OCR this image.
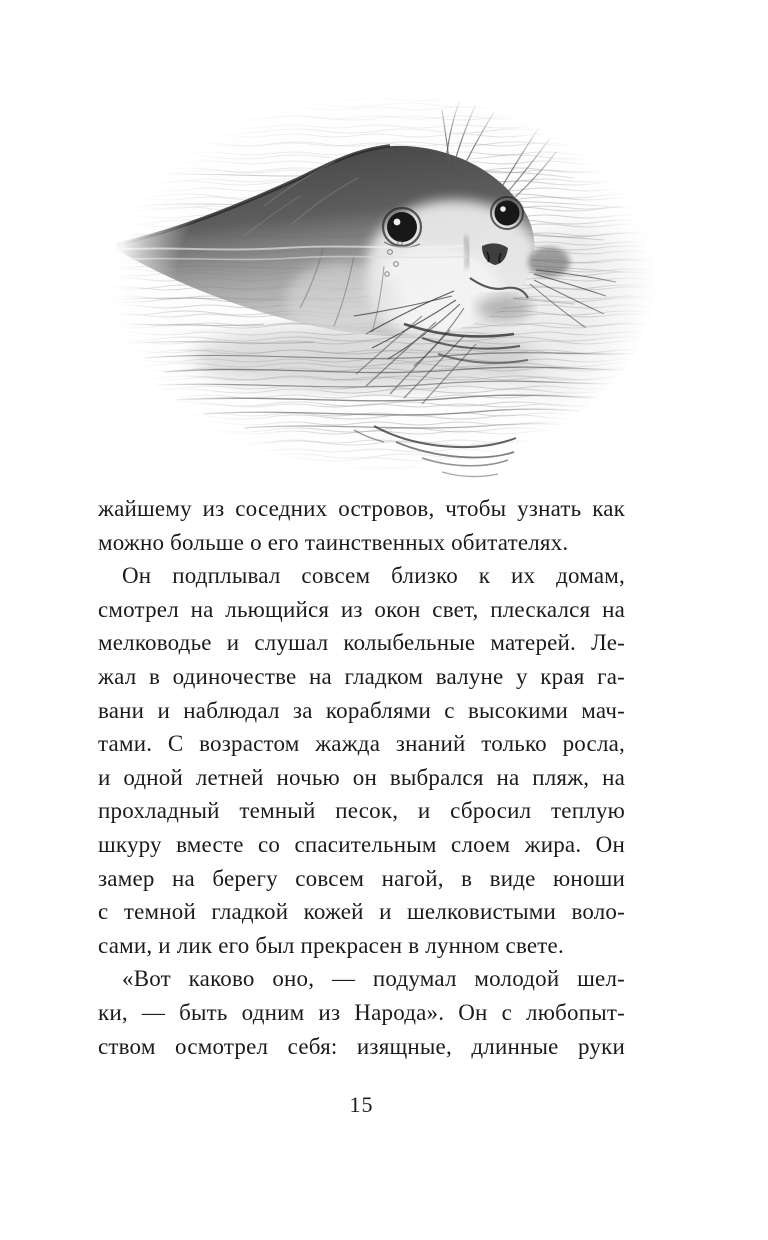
жайшему из соседних островов, чтобы узнать как
можно больше о его таинственных обитателях.
Он подплывал совсем близко к их домам,
смотрел на льющийся из окон свет, плескался на
мелководье и слушал колыбельные матерей. Ле-
жал в одиночестве на гладком валуне у края га-
вани и наблюдал за кораблями с высокими мач-
тами. С возрастом жажда знаний только росла,
и одной летней ночью он выбрался на пляж, на
прохладный темный песок, и сбросил теплую
шкуру вместе со спасительным слоем жира. Он
замер на берегу совсем нагой, в виде юноши
с темной гладкой кожей и шелковистыми воло-
сами, и лик его был прекрасен в лунном свете.
«Вот каково оно, — подумал молодой шел-
ки, — быть одним из Народа». Он с любопыт-
ством осмотрел себя: изящные, длинные руки
15
